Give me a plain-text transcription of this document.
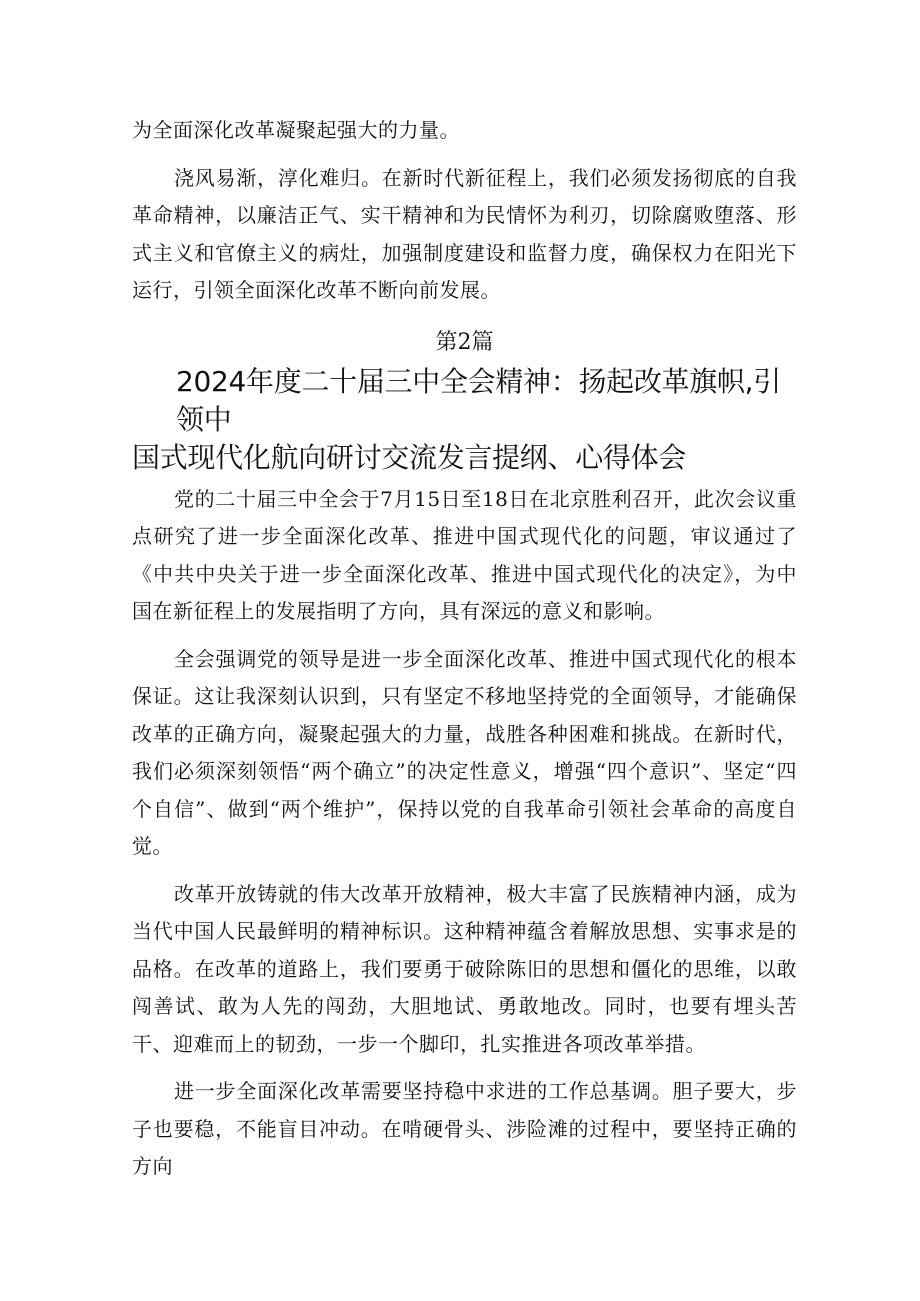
为全面深化改革凝聚起强大的力量。

浇风易渐，淳化难归。在新时代新征程上，我们必须发扬彻底的自我革命精神，以廉洁正气、实干精神和为民情怀为利刃，切除腐败堕落、形式主义和官僚主义的病灶，加强制度建设和监督力度，确保权力在阳光下运行，引领全面深化改革不断向前发展。

第2篇
2024年度二十届三中全会精神：扬起改革旗帜,引领中
国式现代化航向研讨交流发言提纲、心得体会

党的二十届三中全会于7月15日至18日在北京胜利召开，此次会议重点研究了进一步全面深化改革、推进中国式现代化的问题，审议通过了《中共中央关于进一步全面深化改革、推进中国式现代化的决定》，为中国在新征程上的发展指明了方向，具有深远的意义和影响。

全会强调党的领导是进一步全面深化改革、推进中国式现代化的根本保证。这让我深刻认识到，只有坚定不移地坚持党的全面领导，才能确保改革的正确方向，凝聚起强大的力量，战胜各种困难和挑战。在新时代，我们必须深刻领悟“两个确立”的决定性意义，增强“四个意识”、坚定“四个自信”、做到“两个维护”，保持以党的自我革命引领社会革命的高度自觉。

改革开放铸就的伟大改革开放精神，极大丰富了民族精神内涵，成为当代中国人民最鲜明的精神标识。这种精神蕴含着解放思想、实事求是的品格。在改革的道路上，我们要勇于破除陈旧的思想和僵化的思维，以敢闯善试、敢为人先的闯劲，大胆地试、勇敢地改。同时，也要有埋头苦干、迎难而上的韧劲，一步一个脚印，扎实推进各项改革举措。

进一步全面深化改革需要坚持稳中求进的工作总基调。胆子要大，步子也要稳，不能盲目冲动。在啃硬骨头、涉险滩的过程中，要坚持正确的方向
